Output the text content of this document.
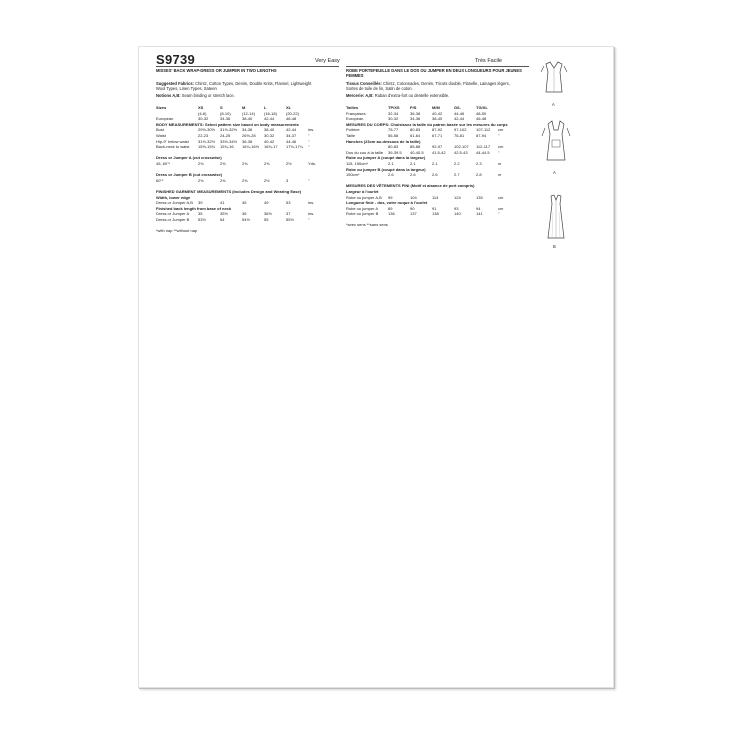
S9739	Very Easy
MISSES' BACK WRAP-DRESS OR JUMPER IN TWO LENGTHS
Suggested Fabrics: Chintz, Cotton Types, Denim, Double Knits, Flannel, Lightweight
Wool Types, Linen Types, Sateen
Notions A,B: Seam binding or stretch lace.
Sizes	XS	S	M	L	XL
(4-6)	(8-10)	(12-14)	(16-18)	(20-22)
European	30-32	34-36	38-40	42-44	46-48
BODY MEASUREMENTS: Select pattern size based on body measurements
Bust	29½-30½	31½-32½	34-36	38-40	42-44	ins.
Waist	22-23	24-25	26½-28	30-32	34-37	"
Hip-9" below waist	31½-32½	33½-34½	36-38	40-42	44-46	"
Back-neck to waist	15½-15¾	15¾-16	16¼-16½	16¾-17	17⅛-17¼	"
Dress or Jumper A (cut crosswise)
45, 60"*	2⅜	2⅜	2⅜	2⅜	2½	Yds.
Dress or Jumper B (cut crosswise)
60"*	2⅜	2⅜	2⅜	2½	3	"
FINISHED GARMENT MEASUREMENTS (Includes Design and Wearing Ease)
Width, lower edge
Dress or Jumper A,B	39	41	45	49	53	ins.
Finished back length from base of neck
Dress or Jumper A	35	35½	36	36½	37	ins.
Dress or Jumper B	53½	54	54½	55	55½	"
*with nap **without nap
Très Facile
ROBE PORTEFEUILLE DANS LE DOS OU JUMPER EN DEUX LONGUEURS POUR JEUNES
FEMMES
Tissus Conseillés: Chintz, Cotonnades, Denim, Tricots double, Flanelle, Lainages légers,
Sortes de toile de lin, Satin de coton.
Mercerie: A,B: Ruban d'extra-fort ou dentelle extensible.
Tailles	TP/XS	P/S	M/M	G/L	TG/XL
Françaises	32-34	36-38	40-42	44-46	48-50
European	30-32	34-36	38-40	42-44	46-48
MESURES DU CORPS: Choisissez la taille du patron basée sur les mesures du corps
Poitrine	75-77	80-83	87-92	97-102	107-112	cm
Taille	56-58	61-64	67-71	76-81	87-94	"
Hanches (23cm au-dessous de la taille)
80-83	85-88	92-97	102-107	112-117	cm
Dos du cou à la taille	39-39.5	40-40.5	41.5-42	42.5-43	44-44.5	"
Robe ou jumper A (coupé dans la largeur)
115, 150cm*	2.1	2.1	2.1	2.2	2.3	m
Robe ou jumper B (coupé dans la largeur)
150cm*	2.6	2.6	2.6	2.7	2.8	m
MESURES DES VÊTEMENTS FINI (Motif et aisance de port compris)
Largeur à l'ourlet
Robe ou jumper A,B	99	104	114	124	135	cm
Longueur finie - dos, votre nuque à l'ourlet
Robe ou jumper A	89	90	91	93	94	cm
Robe ou jumper B	136	137	138	140	141	"
*avec sens **sans sens
A
A
B
